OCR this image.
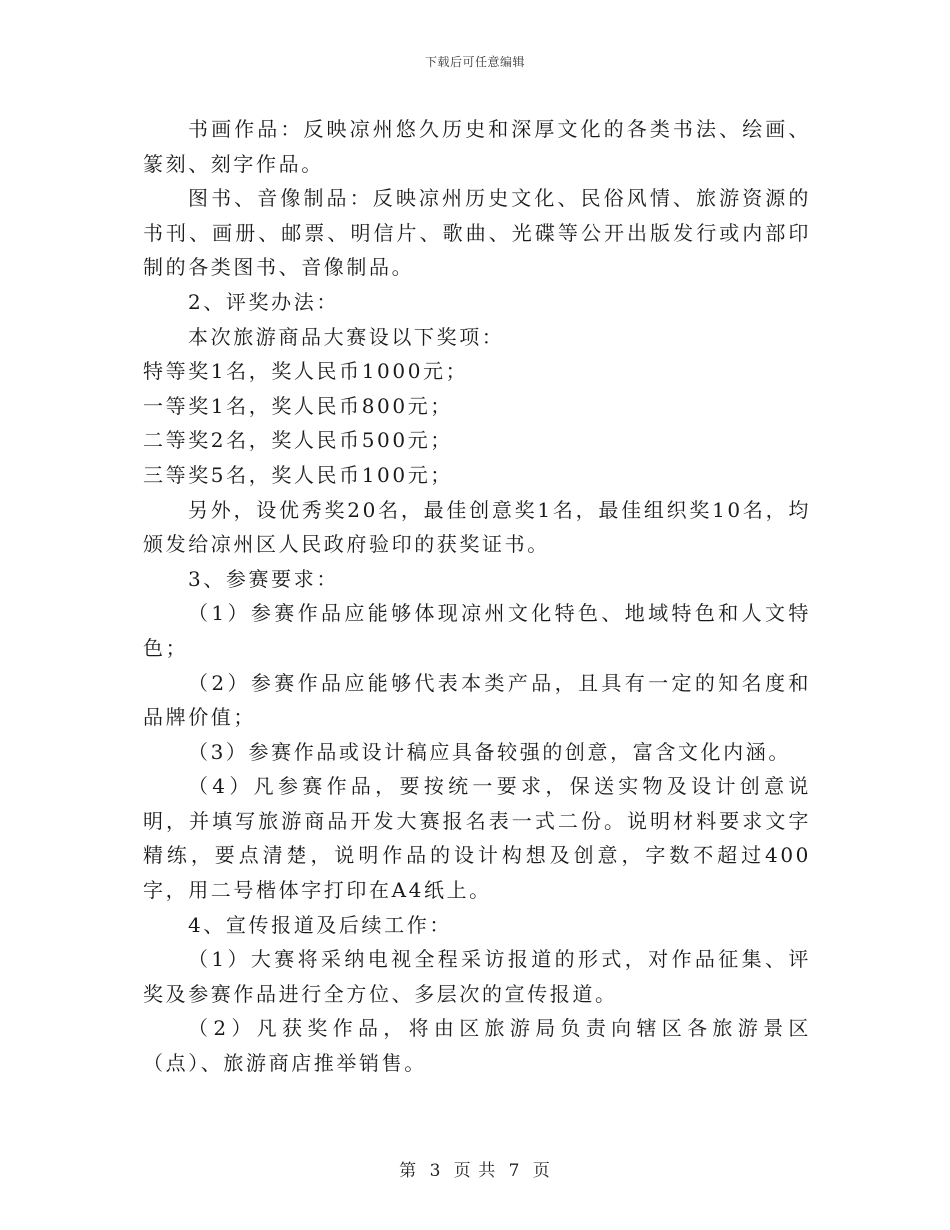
下载后可任意编辑

书画作品：反映凉州悠久历史和深厚文化的各类书法、绘画、篆刻、刻字作品。

图书、音像制品：反映凉州历史文化、民俗风情、旅游资源的书刊、画册、邮票、明信片、歌曲、光碟等公开出版发行或内部印制的各类图书、音像制品。

2、评奖办法：

本次旅游商品大赛设以下奖项：

特等奖1名，奖人民币1000元；

一等奖1名，奖人民币800元；

二等奖2名，奖人民币500元；

三等奖5名，奖人民币100元；

另外，设优秀奖20名，最佳创意奖1名，最佳组织奖10名，均颁发给凉州区人民政府验印的获奖证书。

3、参赛要求：

（1）参赛作品应能够体现凉州文化特色、地域特色和人文特色；

（2）参赛作品应能够代表本类产品，且具有一定的知名度和品牌价值；

（3）参赛作品或设计稿应具备较强的创意，富含文化内涵。

（4）凡参赛作品，要按统一要求，保送实物及设计创意说明，并填写旅游商品开发大赛报名表一式二份。说明材料要求文字精练，要点清楚，说明作品的设计构想及创意，字数不超过400字，用二号楷体字打印在A4纸上。

4、宣传报道及后续工作：

（1）大赛将采纳电视全程采访报道的形式，对作品征集、评奖及参赛作品进行全方位、多层次的宣传报道。

（2）凡获奖作品，将由区旅游局负责向辖区各旅游景区（点）、旅游商店推举销售。

第 3 页 共 7 页
